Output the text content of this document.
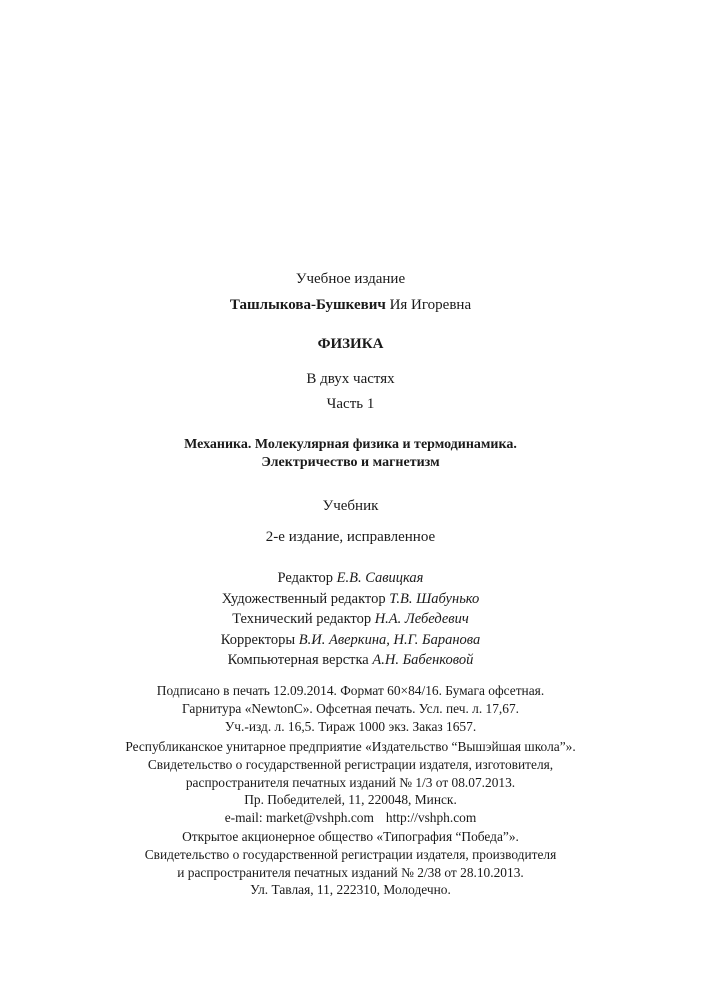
Учебное издание
Ташлыкова-Бушкевич Ия Игоревна
ФИЗИКА
В двух частях
Часть 1
Механика. Молекулярная физика и термодинамика.
Электричество и магнетизм
Учебник
2-е издание, исправленное
Редактор Е.В. Савицкая
Художественный редактор Т.В. Шабунько
Технический редактор Н.А. Лебедевич
Корректоры В.И. Аверкина, Н.Г. Баранова
Компьютерная верстка А.Н. Бабенковой
Подписано в печать 12.09.2014. Формат 60×84/16. Бумага офсетная.
Гарнитура «NewtonC». Офсетная печать. Усл. печ. л. 17,67.
Уч.-изд. л. 16,5. Тираж 1000 экз. Заказ 1657.
Республиканское унитарное предприятие «Издательство “Вышэйшая школа”».
Свидетельство о государственной регистрации издателя, изготовителя,
распространителя печатных изданий № 1/3 от 08.07.2013.
Пр. Победителей, 11, 220048, Минск.
e-mail: market@vshph.com http://vshph.com
Открытое акционерное общество «Типография “Победа”».
Свидетельство о государственной регистрации издателя, производителя
и распространителя печатных изданий № 2/38 от 28.10.2013.
Ул. Тавлая, 11, 222310, Молодечно.
